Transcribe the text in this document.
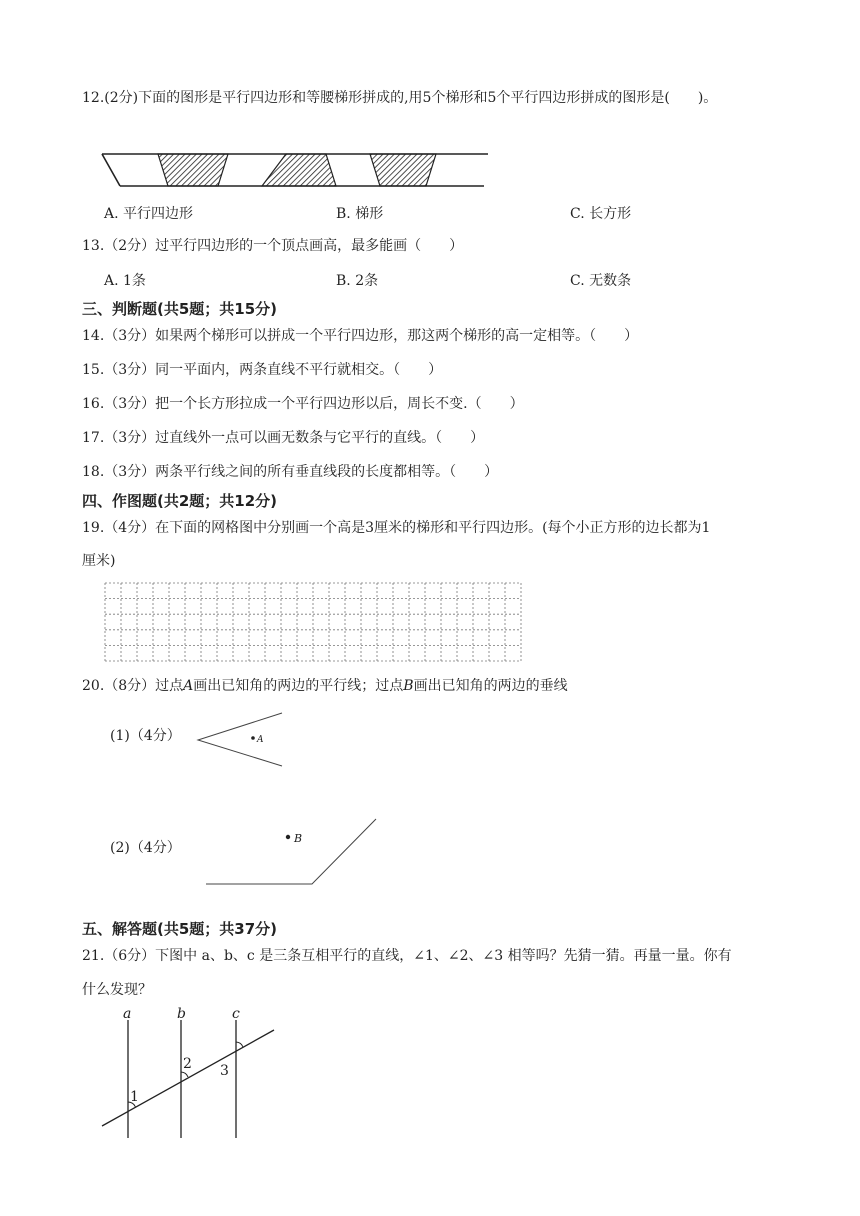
12.(2分)下面的图形是平行四边形和等腰梯形拼成的,用5个梯形和5个平行四边形拼成的图形是(　　)。
A. 平行四边形	B. 梯形	C. 长方形
13.（2分）过平行四边形的一个顶点画高，最多能画（　　）
A. 1条	B. 2条	C. 无数条
三、判断题(共5题；共15分)
14.（3分）如果两个梯形可以拼成一个平行四边形，那这两个梯形的高一定相等。（　　）
15.（3分）同一平面内，两条直线不平行就相交。（　　）
16.（3分）把一个长方形拉成一个平行四边形以后，周长不变.（　　）
17.（3分）过直线外一点可以画无数条与它平行的直线。（　　）
18.（3分）两条平行线之间的所有垂直线段的长度都相等。（　　）
四、作图题(共2题；共12分)
19.（4分）在下面的网格图中分别画一个高是3厘米的梯形和平行四边形。(每个小正方形的边长都为1
厘米)
20.（8分）过点A画出已知角的两边的平行线；过点B画出已知角的两边的垂线
(1)（4分）	A
(2)（4分）
B
五、解答题(共5题；共37分)
21.（6分）下图中 a、b、c 是三条互相平行的直线，∠1、∠2、∠3 相等吗？先猜一猜。再量一量。你有
什么发现？
a	b	c
1
2 3
